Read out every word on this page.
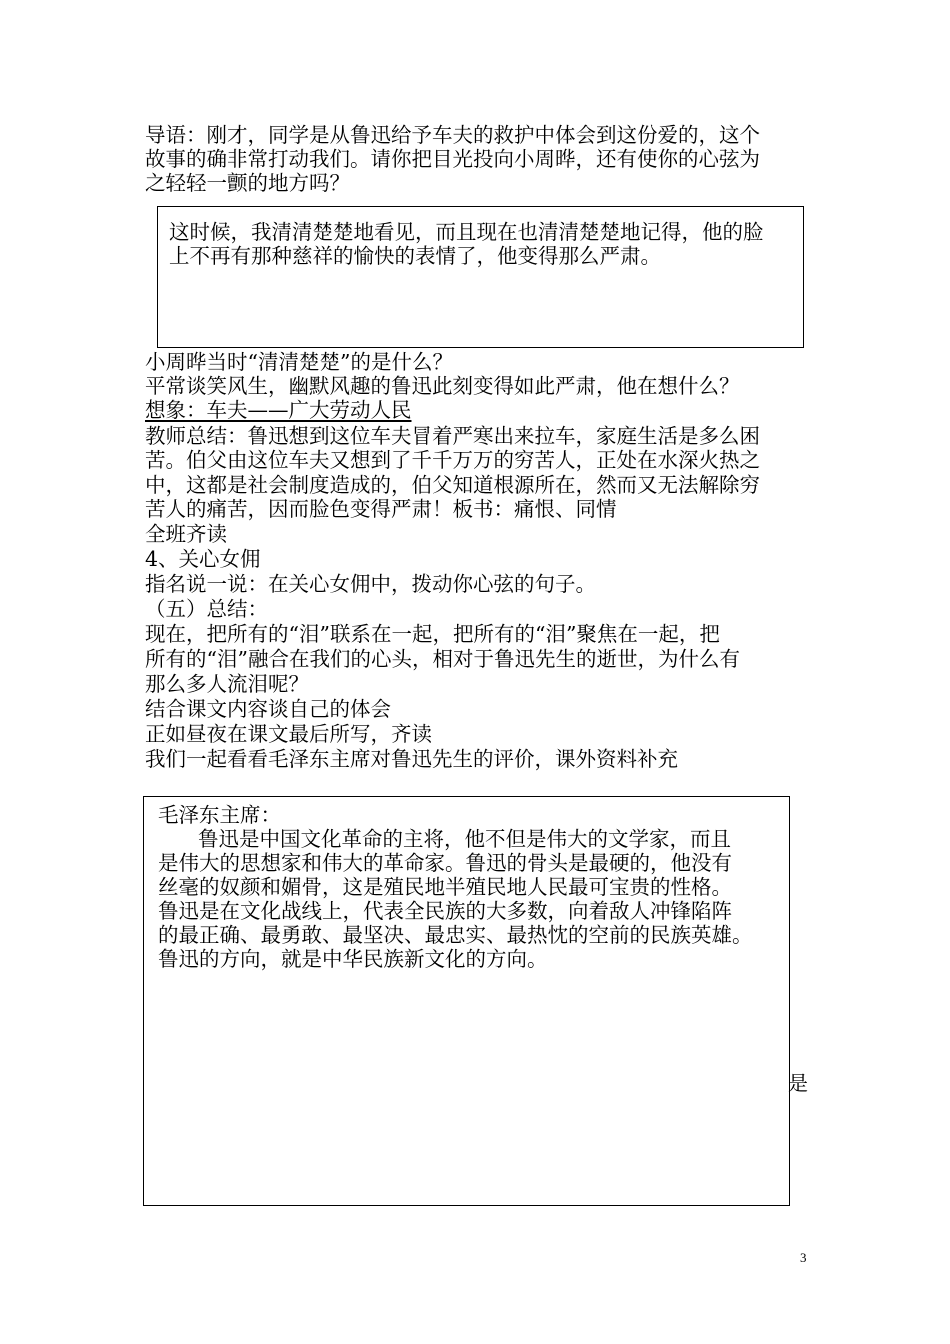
导语：刚才，同学是从鲁迅给予车夫的救护中体会到这份爱的，这个
故事的确非常打动我们。请你把目光投向小周晔，还有使你的心弦为
之轻轻一颤的地方吗？
这时候，我清清楚楚地看见，而且现在也清清楚楚地记得，他的脸
上不再有那种慈祥的愉快的表情了，他变得那么严肃。
小周晔当时“清清楚楚”的是什么？
平常谈笑风生，幽默风趣的鲁迅此刻变得如此严肃，他在想什么？
想象：车夫——广大劳动人民
教师总结：鲁迅想到这位车夫冒着严寒出来拉车，家庭生活是多么困
苦。伯父由这位车夫又想到了千千万万的穷苦人，正处在水深火热之
中，这都是社会制度造成的，伯父知道根源所在，然而又无法解除穷
苦人的痛苦，因而脸色变得严肃！板书：痛恨、同情
全班齐读
4、关心女佣
指名说一说：在关心女佣中，拨动你心弦的句子。
（五）总结：
现在，把所有的“泪”联系在一起，把所有的“泪”聚焦在一起，把
所有的“泪”融合在我们的心头，相对于鲁迅先生的逝世，为什么有
那么多人流泪呢？
结合课文内容谈自己的体会
正如昼夜在课文最后所写，齐读
我们一起看看毛泽东主席对鲁迅先生的评价，课外资料补充
毛泽东主席：
鲁迅是中国文化革命的主将，他不但是伟大的文学家，而且
是伟大的思想家和伟大的革命家。鲁迅的骨头是最硬的，他没有
丝毫的奴颜和媚骨，这是殖民地半殖民地人民最可宝贵的性格。
鲁迅是在文化战线上，代表全民族的大多数，向着敌人冲锋陷阵
的最正确、最勇敢、最坚决、最忠实、最热忱的空前的民族英雄。
鲁迅的方向，就是中华民族新文化的方向。
是
3
